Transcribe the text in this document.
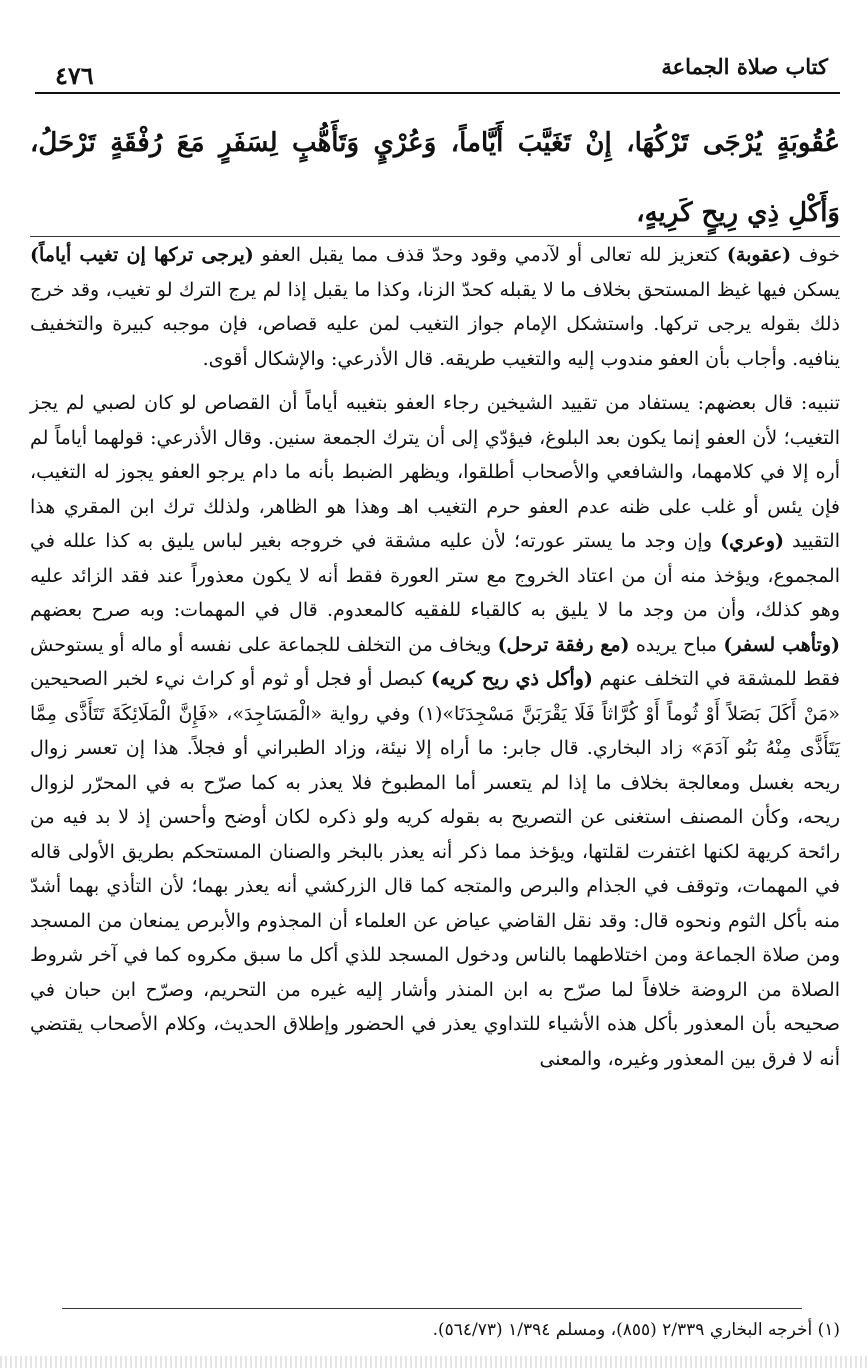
كتاب صلاة الجماعة
٤٧٦

عُقُوبَةٍ يُرْجَى تَرْكُهَا، إِنْ تَغَيَّبَ أَيَّاماً، وَعُرْيٍ وَتَأَهُّبٍ لِسَفَرٍ مَعَ رُفْقَةٍ تَرْحَلُ، وَأَكْلِ ذِي رِيحٍ كَرِيهٍ،

خوف (عقوبة) كتعزيز لله تعالى أو لآدمي وقود وحدّ قذف مما يقبل العفو (يرجى تركها إن تغيب أياماً) يسكن فيها غيظ المستحق بخلاف ما لا يقبله كحدّ الزنا، وكذا ما يقبل إذا لم يرج الترك لو تغيب، وقد خرج ذلك بقوله يرجى تركها. واستشكل الإمام جواز التغيب لمن عليه قصاص، فإن موجبه كبيرة والتخفيف ينافيه. وأجاب بأن العفو مندوب إليه والتغيب طريقه. قال الأذرعي: والإشكال أقوى.

تنبيه: قال بعضهم: يستفاد من تقييد الشيخين رجاء العفو بتغيبه أياماً أن القصاص لو كان لصبي لم يجز التغيب؛ لأن العفو إنما يكون بعد البلوغ، فيؤدّي إلى أن يترك الجمعة سنين. وقال الأذرعي: قولهما أياماً لم أره إلا في كلامهما، والشافعي والأصحاب أطلقوا، ويظهر الضبط بأنه ما دام يرجو العفو يجوز له التغيب، فإن يئس أو غلب على ظنه عدم العفو حرم التغيب اهـ وهذا هو الظاهر، ولذلك ترك ابن المقري هذا التقييد (وعري) وإن وجد ما يستر عورته؛ لأن عليه مشقة في خروجه بغير لباس يليق به كذا علله في المجموع، ويؤخذ منه أن من اعتاد الخروج مع ستر العورة فقط أنه لا يكون معذوراً عند فقد الزائد عليه وهو كذلك، وأن من وجد ما لا يليق به كالقباء للفقيه كالمعدوم. قال في المهمات: وبه صرح بعضهم (وتأهب لسفر) مباح يريده (مع رفقة ترحل) ويخاف من التخلف للجماعة على نفسه أو ماله أو يستوحش فقط للمشقة في التخلف عنهم (وأكل ذي ريح كريه) كبصل أو فجل أو ثوم أو كراث نيء لخبر الصحيحين «مَنْ أَكَلَ بَصَلاً أَوْ ثُوماً أَوْ كُرَّاثاً فَلَا يَقْرَبَنَّ مَسْجِدَنَا»(١) وفي رواية «الْمَسَاجِدَ»، «فَإِنَّ الْمَلَائِكَةَ تَتَأَذَّى مِمَّا يَتَأَذَّى مِنْهُ بَنُو آدَمَ» زاد البخاري. قال جابر: ما أراه إلا نيئة، وزاد الطبراني أو فجلاً. هذا إن تعسر زوال ريحه بغسل ومعالجة بخلاف ما إذا لم يتعسر أما المطبوخ فلا يعذر به كما صرّح به في المحرّر لزوال ريحه، وكأن المصنف استغنى عن التصريح به بقوله كريه ولو ذكره لكان أوضح وأحسن إذ لا بد فيه من رائحة كريهة لكنها اغتفرت لقلتها، ويؤخذ مما ذكر أنه يعذر بالبخر والصنان المستحكم بطريق الأولى قاله في المهمات، وتوقف في الجذام والبرص والمتجه كما قال الزركشي أنه يعذر بهما؛ لأن التأذي بهما أشدّ منه بأكل الثوم ونحوه قال: وقد نقل القاضي عياض عن العلماء أن المجذوم والأبرص يمنعان من المسجد ومن صلاة الجماعة ومن اختلاطهما بالناس ودخول المسجد للذي أكل ما سبق مكروه كما في آخر شروط الصلاة من الروضة خلافاً لما صرّح به ابن المنذر وأشار إليه غيره من التحريم، وصرّح ابن حبان في صحيحه بأن المعذور بأكل هذه الأشياء للتداوي يعذر في الحضور وإطلاق الحديث، وكلام الأصحاب يقتضي أنه لا فرق بين المعذور وغيره، والمعنى

(١) أخرجه البخاري ٢/٣٣٩ (٨٥٥)، ومسلم ١/٣٩٤ (٥٦٤/٧٣).
